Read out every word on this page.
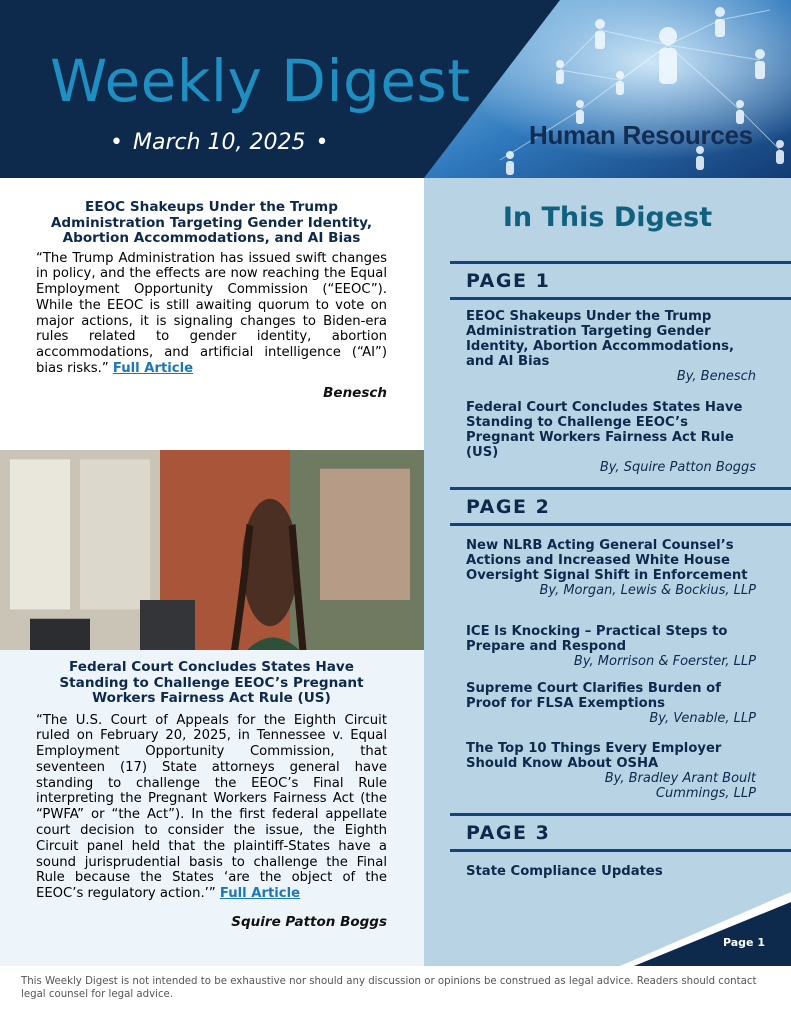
Weekly Digest
• March 10, 2025 •	Human Resources
EEOC Shakeups Under the Trump Administration Targeting Gender Identity, Abortion Accommodations, and AI Bias

“The Trump Administration has issued swift changes in policy, and the effects are now reaching the Equal Employment Opportunity Commission (“EEOC”). While the EEOC is still awaiting quorum to vote on major actions, it is signaling changes to Biden-era rules related to gender identity, abortion accommodations, and artificial intelligence (“AI”) bias risks.” Full Article

Benesch

Federal Court Concludes States Have Standing to Challenge EEOC’s Pregnant Workers Fairness Act Rule (US)

“The U.S. Court of Appeals for the Eighth Circuit ruled on February 20, 2025, in Tennessee v. Equal Employment Opportunity Commission, that seventeen (17) State attorneys general have standing to challenge the EEOC’s Final Rule interpreting the Pregnant Workers Fairness Act (the “PWFA” or “the Act”). In the first federal appellate court decision to consider the issue, the Eighth Circuit panel held that the plaintiff-States have a sound jurisprudential basis to challenge the Final Rule because the States ‘are the object of the EEOC’s regulatory action.’” Full Article

Squire Patton Boggs

In This Digest
PAGE 1

EEOC Shakeups Under the Trump Administration Targeting Gender Identity, Abortion Accommodations, and AI Bias

By, Benesch

Federal Court Concludes States Have Standing to Challenge EEOC’s Pregnant Workers Fairness Act Rule (US)

By, Squire Patton Boggs

PAGE 2

New NLRB Acting General Counsel’s Actions and Increased White House Oversight Signal Shift in Enforcement

By, Morgan, Lewis & Bockius, LLP

ICE Is Knocking – Practical Steps to Prepare and Respond

By, Morrison & Foerster, LLP

Supreme Court Clarifies Burden of Proof for FLSA Exemptions

By, Venable, LLP

The Top 10 Things Every Employer Should Know About OSHA

By, Bradley Arant Boult Cummings, LLP

PAGE 3

State Compliance Updates

Page 1

This Weekly Digest is not intended to be exhaustive nor should any discussion or opinions be construed as legal advice. Readers should contact legal counsel for legal advice.
